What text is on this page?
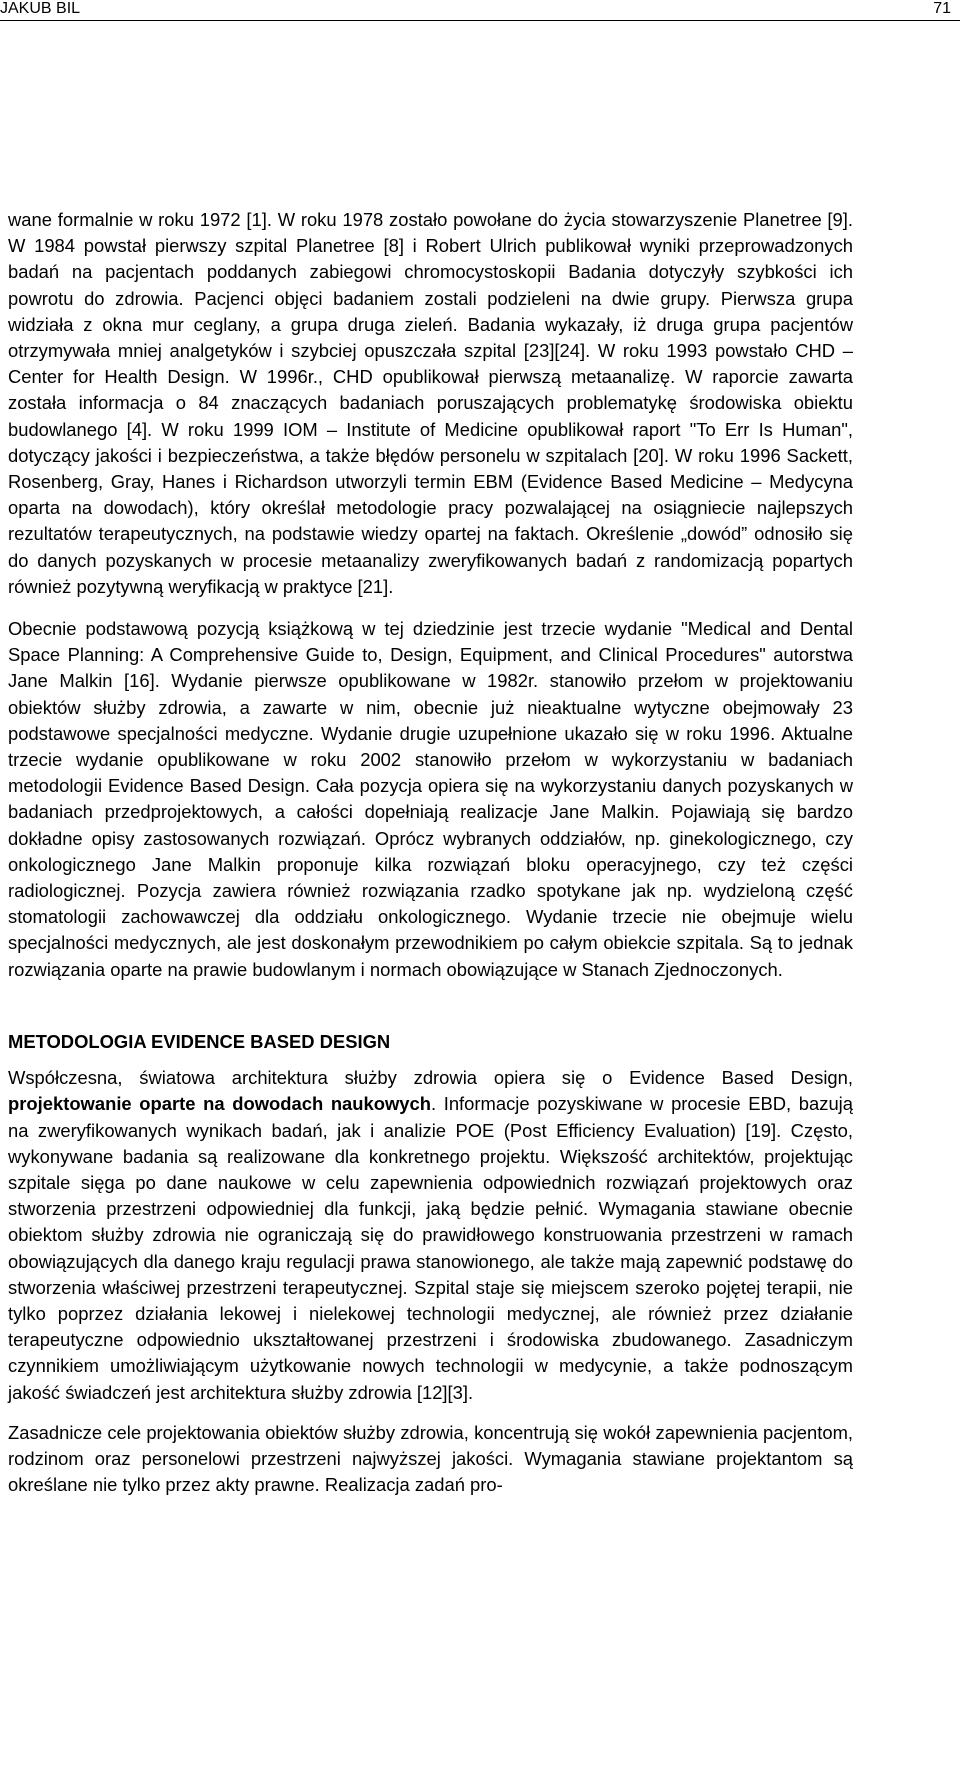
JAKUB BIL	71

wane formalnie w roku 1972 [1]. W roku 1978 zostało powołane do życia stowarzyszenie Planetree [9]. W 1984 powstał pierwszy szpital Planetree [8] i Robert Ulrich publikował wyniki przeprowadzonych badań na pacjentach poddanych zabiegowi chromocystoskopii Badania dotyczyły szybkości ich powrotu do zdrowia. Pacjenci objęci badaniem zostali podzieleni na dwie grupy. Pierwsza grupa widziała z okna mur ceglany, a grupa druga zieleń. Badania wykazały, iż druga grupa pacjentów otrzymywała mniej analgetyków i szybciej opuszczała szpital [23][24]. W roku 1993 powstało CHD – Center for Health Design. W 1996r., CHD opublikował pierwszą metaanalizę. W raporcie zawarta została informacja o 84 znaczących badaniach poruszających problematykę środowiska obiektu budowlanego [4]. W roku 1999 IOM – Institute of Medicine opublikował raport "To Err Is Human", dotyczący jakości i bezpieczeństwa, a także błędów personelu w szpitalach [20]. W roku 1996 Sackett, Rosenberg, Gray, Hanes i Richardson utworzyli termin EBM (Evidence Based Medicine – Medycyna oparta na dowodach), który określał metodologie pracy pozwalającej na osiągniecie najlepszych rezultatów terapeutycznych, na podstawie wiedzy opartej na faktach. Określenie „dowód” odnosiło się do danych pozyskanych w procesie metaanalizy zweryfikowanych badań z randomizacją popartych również pozytywną weryfikacją w praktyce [21].

Obecnie podstawową pozycją książkową w tej dziedzinie jest trzecie wydanie "Medical and Dental Space Planning: A Comprehensive Guide to, Design, Equipment, and Clinical Procedures" autorstwa Jane Malkin [16]. Wydanie pierwsze opublikowane w 1982r. stanowiło przełom w projektowaniu obiektów służby zdrowia, a zawarte w nim, obecnie już nieaktualne wytyczne obejmowały 23 podstawowe specjalności medyczne. Wydanie drugie uzupełnione ukazało się w roku 1996. Aktualne trzecie wydanie opublikowane w roku 2002 stanowiło przełom w wykorzystaniu w badaniach metodologii Evidence Based Design. Cała pozycja opiera się na wykorzystaniu danych pozyskanych w badaniach przedprojektowych, a całości dopełniają realizacje Jane Malkin. Pojawiają się bardzo dokładne opisy zastosowanych rozwiązań. Oprócz wybranych oddziałów, np. ginekologicznego, czy onkologicznego Jane Malkin proponuje kilka rozwiązań bloku operacyjnego, czy też części radiologicznej. Pozycja zawiera również rozwiązania rzadko spotykane jak np. wydzieloną część stomatologii zachowawczej dla oddziału onkologicznego. Wydanie trzecie nie obejmuje wielu specjalności medycznych, ale jest doskonałym przewodnikiem po całym obiekcie szpitala. Są to jednak rozwiązania oparte na prawie budowlanym i normach obowiązujące w Stanach Zjednoczonych.

METODOLOGIA EVIDENCE BASED DESIGN

Współczesna, światowa architektura służby zdrowia opiera się o Evidence Based Design, projektowanie oparte na dowodach naukowych. Informacje pozyskiwane w procesie EBD, bazują na zweryfikowanych wynikach badań, jak i analizie POE (Post Efficiency Evaluation) [19]. Często, wykonywane badania są realizowane dla konkretnego projektu. Większość architektów, projektując szpitale sięga po dane naukowe w celu zapewnienia odpowiednich rozwiązań projektowych oraz stworzenia przestrzeni odpowiedniej dla funkcji, jaką będzie pełnić. Wymagania stawiane obecnie obiektom służby zdrowia nie ograniczają się do prawidłowego konstruowania przestrzeni w ramach obowiązujących dla danego kraju regulacji prawa stanowionego, ale także mają zapewnić podstawę do stworzenia właściwej przestrzeni terapeutycznej. Szpital staje się miejscem szeroko pojętej terapii, nie tylko poprzez działania lekowej i nielekowej technologii medycznej, ale również przez działanie terapeutyczne odpowiednio ukształtowanej przestrzeni i środowiska zbudowanego. Zasadniczym czynnikiem umożliwiającym użytkowanie nowych technologii w medycynie, a także podnoszącym jakość świadczeń jest architektura służby zdrowia [12][3].

Zasadnicze cele projektowania obiektów służby zdrowia, koncentrują się wokół zapewnienia pacjentom, rodzinom oraz personelowi przestrzeni najwyższej jakości. Wymagania stawiane projektantom są określane nie tylko przez akty prawne. Realizacja zadań pro-
